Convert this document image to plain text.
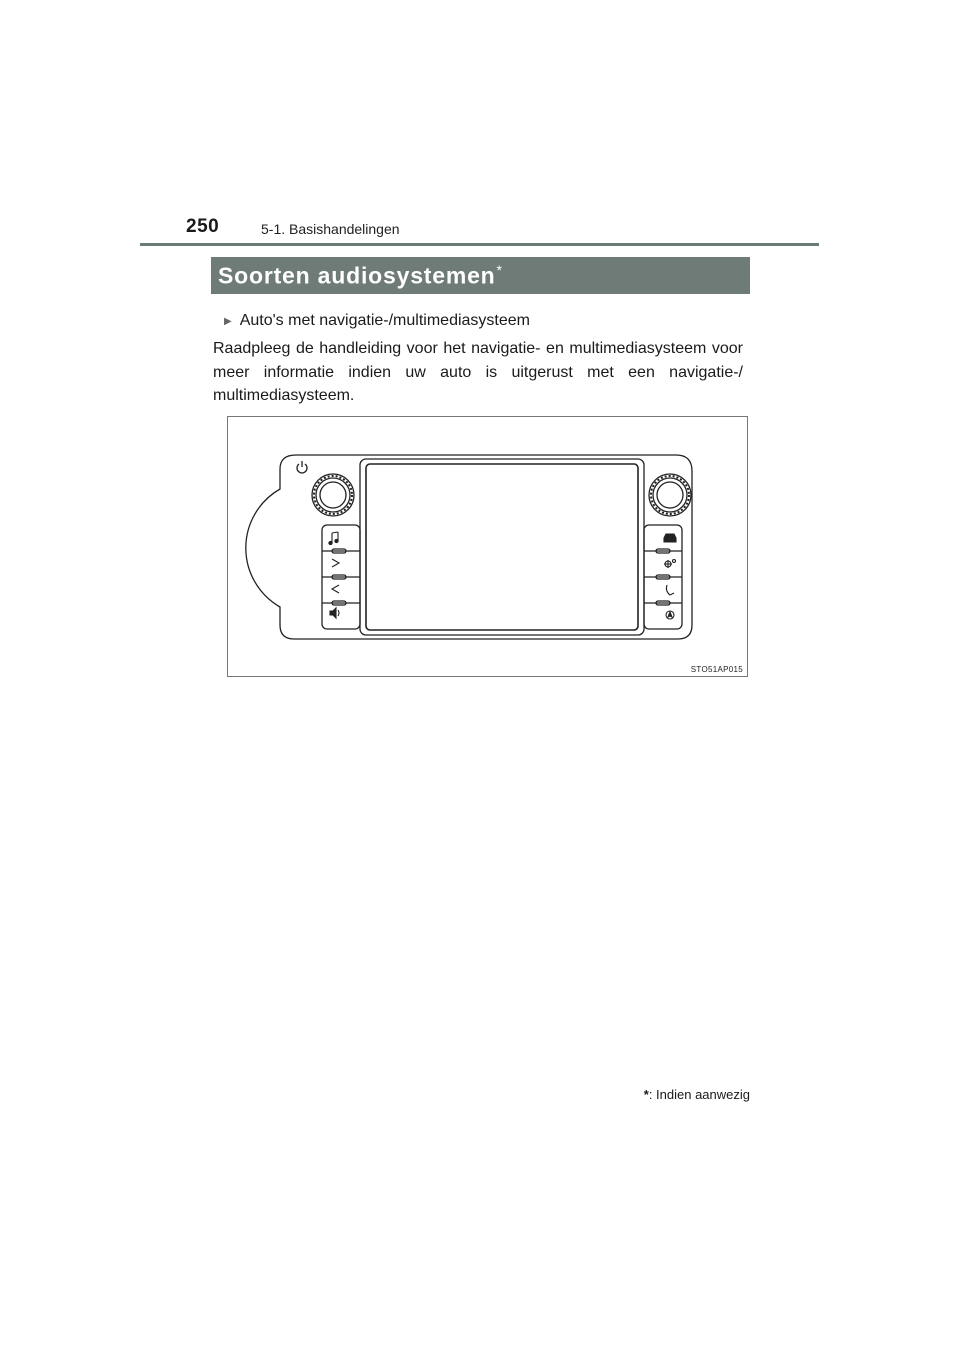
250	5-1. Basishandelingen
Soorten audiosystemen*
▶ Auto's met navigatie-/multimediasysteem

Raadpleeg de handleiding voor het navigatie- en multimediasysteem voor meer informatie indien uw auto is uitgerust met een navigatie-/ multimediasysteem.

STO51AP015
*: Indien aanwezig
